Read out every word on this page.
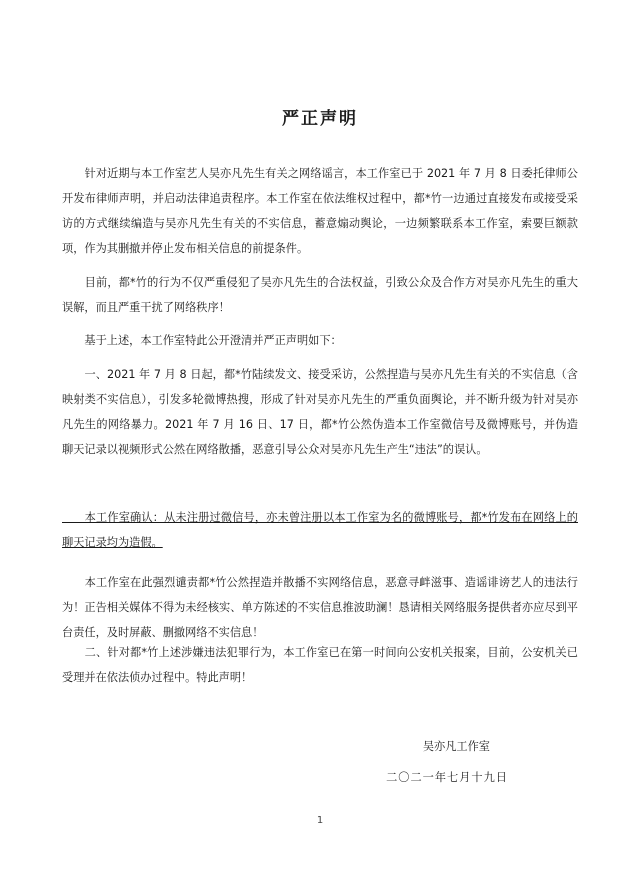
严正声明

　　针对近期与本工作室艺人吴亦凡先生有关之网络谣言，本工作室已于 2021 年 7 月 8 日委托律师公开发布律师声明，并启动法律追责程序。本工作室在依法维权过程中，都*竹一边通过直接发布或接受采访的方式继续编造与吴亦凡先生有关的不实信息，蓄意煽动舆论，一边频繁联系本工作室，索要巨额款项，作为其删撤并停止发布相关信息的前提条件。

　　目前，都*竹的行为不仅严重侵犯了吴亦凡先生的合法权益，引致公众及合作方对吴亦凡先生的重大误解，而且严重干扰了网络秩序！

　　基于上述，本工作室特此公开澄清并严正声明如下：

　　一、2021 年 7 月 8 日起，都*竹陆续发文、接受采访，公然捏造与吴亦凡先生有关的不实信息（含映射类不实信息），引发多轮微博热搜，形成了针对吴亦凡先生的严重负面舆论，并不断升级为针对吴亦凡先生的网络暴力。2021 年 7 月 16 日、17 日，都*竹公然伪造本工作室微信号及微博账号，并伪造聊天记录以视频形式公然在网络散播，恶意引导公众对吴亦凡先生产生“违法”的误认。

　　本工作室确认：从未注册过微信号，亦未曾注册以本工作室为名的微博账号，都*竹发布在网络上的聊天记录均为造假。

　　本工作室在此强烈谴责都*竹公然捏造并散播不实网络信息，恶意寻衅滋事、造谣诽谤艺人的违法行为！正告相关媒体不得为未经核实、单方陈述的不实信息推波助澜！恳请相关网络服务提供者亦应尽到平台责任，及时屏蔽、删撤网络不实信息！

　　二、针对都*竹上述涉嫌违法犯罪行为，本工作室已在第一时间向公安机关报案，目前，公安机关已受理并在依法侦办过程中。特此声明！

吴亦凡工作室
二〇二一年七月十九日
1
